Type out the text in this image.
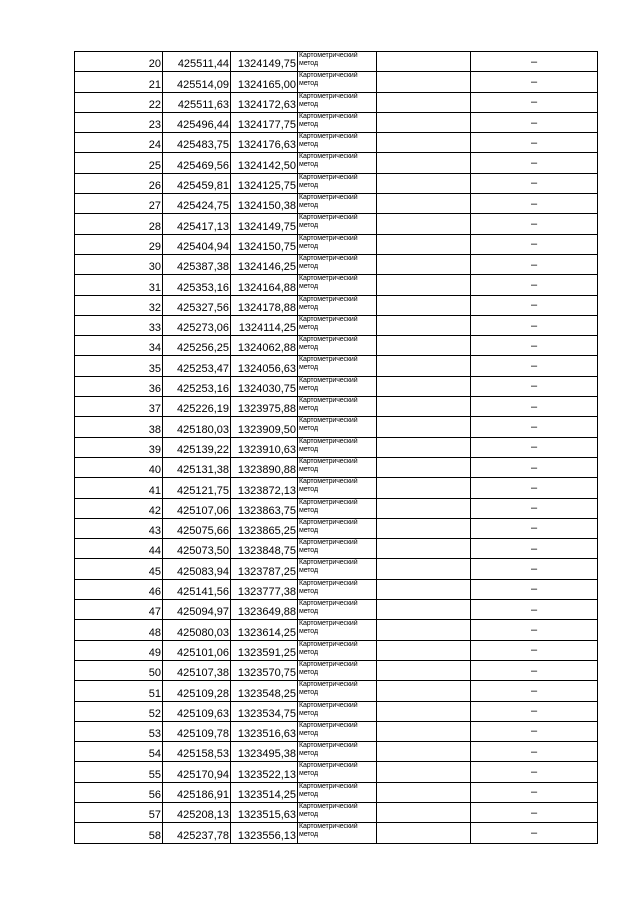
20	425511,44	1324149,75	Картометрический метод		–
21	425514,09	1324165,00	Картометрический метод		–
22	425511,63	1324172,63	Картометрический метод		–
23	425496,44	1324177,75	Картометрический метод		–
24	425483,75	1324176,63	Картометрический метод		–
25	425469,56	1324142,50	Картометрический метод		–
26	425459,81	1324125,75	Картометрический метод		–
27	425424,75	1324150,38	Картометрический метод		–
28	425417,13	1324149,75	Картометрический метод		–
29	425404,94	1324150,75	Картометрический метод		–
30	425387,38	1324146,25	Картометрический метод		–
31	425353,16	1324164,88	Картометрический метод		–
32	425327,56	1324178,88	Картометрический метод		–
33	425273,06	1324114,25	Картометрический метод		–
34	425256,25	1324062,88	Картометрический метод		–
35	425253,47	1324056,63	Картометрический метод		–
36	425253,16	1324030,75	Картометрический метод		–
37	425226,19	1323975,88	Картометрический метод		–
38	425180,03	1323909,50	Картометрический метод		–
39	425139,22	1323910,63	Картометрический метод		–
40	425131,38	1323890,88	Картометрический метод		–
41	425121,75	1323872,13	Картометрический метод		–
42	425107,06	1323863,75	Картометрический метод		–
43	425075,66	1323865,25	Картометрический метод		–
44	425073,50	1323848,75	Картометрический метод		–
45	425083,94	1323787,25	Картометрический метод		–
46	425141,56	1323777,38	Картометрический метод		–
47	425094,97	1323649,88	Картометрический метод		–
48	425080,03	1323614,25	Картометрический метод		–
49	425101,06	1323591,25	Картометрический метод		–
50	425107,38	1323570,75	Картометрический метод		–
51	425109,28	1323548,25	Картометрический метод		–
52	425109,63	1323534,75	Картометрический метод		–
53	425109,78	1323516,63	Картометрический метод		–
54	425158,53	1323495,38	Картометрический метод		–
55	425170,94	1323522,13	Картометрический метод		–
56	425186,91	1323514,25	Картометрический метод		–
57	425208,13	1323515,63	Картометрический метод		–
58	425237,78	1323556,13	Картометрический метод		–
